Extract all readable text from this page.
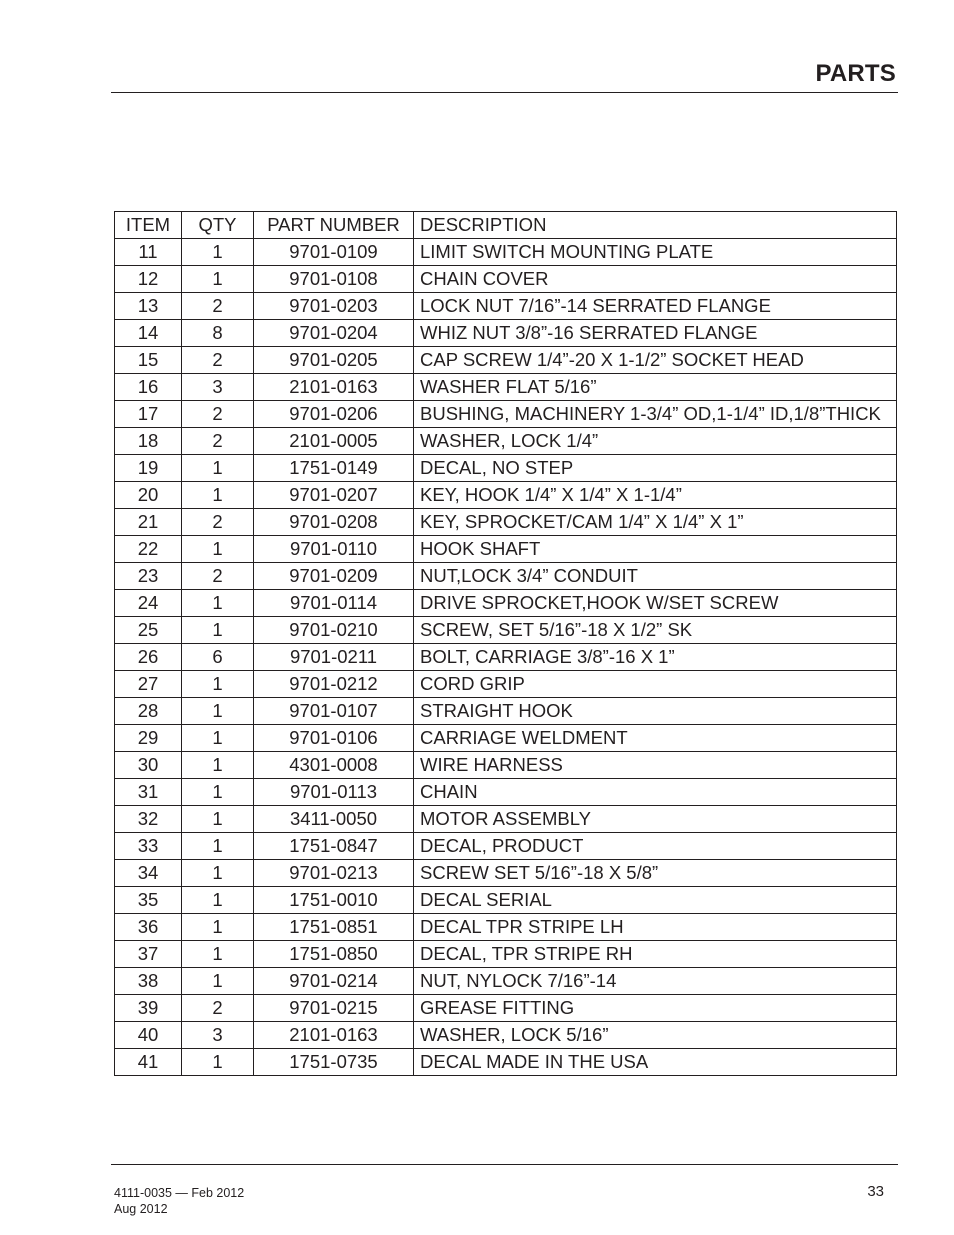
PARTS
ITEM	QTY	PART NUMBER	DESCRIPTION
11	1	9701-0109	LIMIT SWITCH MOUNTING PLATE
12	1	9701-0108	CHAIN COVER
13	2	9701-0203	LOCK NUT 7/16”-14 SERRATED FLANGE
14	8	9701-0204	WHIZ NUT 3/8”-16 SERRATED FLANGE
15	2	9701-0205	CAP SCREW 1/4”-20 X 1-1/2” SOCKET HEAD
16	3	2101-0163	WASHER FLAT 5/16”
17	2	9701-0206	BUSHING, MACHINERY 1-3/4” OD,1-1/4” ID,1/8”THICK
18	2	2101-0005	WASHER, LOCK 1/4”
19	1	1751-0149	DECAL, NO STEP
20	1	9701-0207	KEY, HOOK 1/4” X 1/4” X 1-1/4”
21	2	9701-0208	KEY, SPROCKET/CAM 1/4” X 1/4” X 1”
22	1	9701-0110	HOOK SHAFT
23	2	9701-0209	NUT,LOCK 3/4” CONDUIT
24	1	9701-0114	DRIVE SPROCKET,HOOK W/SET SCREW
25	1	9701-0210	SCREW, SET 5/16”-18 X 1/2” SK
26	6	9701-0211	BOLT, CARRIAGE 3/8”-16 X 1”
27	1	9701-0212	CORD GRIP
28	1	9701-0107	STRAIGHT HOOK
29	1	9701-0106	CARRIAGE WELDMENT
30	1	4301-0008	WIRE HARNESS
31	1	9701-0113	CHAIN
32	1	3411-0050	MOTOR ASSEMBLY
33	1	1751-0847	DECAL, PRODUCT
34	1	9701-0213	SCREW SET 5/16”-18 X 5/8”
35	1	1751-0010	DECAL SERIAL
36	1	1751-0851	DECAL TPR STRIPE LH
37	1	1751-0850	DECAL, TPR STRIPE RH
38	1	9701-0214	NUT, NYLOCK 7/16”-14
39	2	9701-0215	GREASE FITTING
40	3	2101-0163	WASHER, LOCK 5/16”
41	1	1751-0735	DECAL MADE IN THE USA
4111-0035 — Feb 2012
Aug 2012
33
